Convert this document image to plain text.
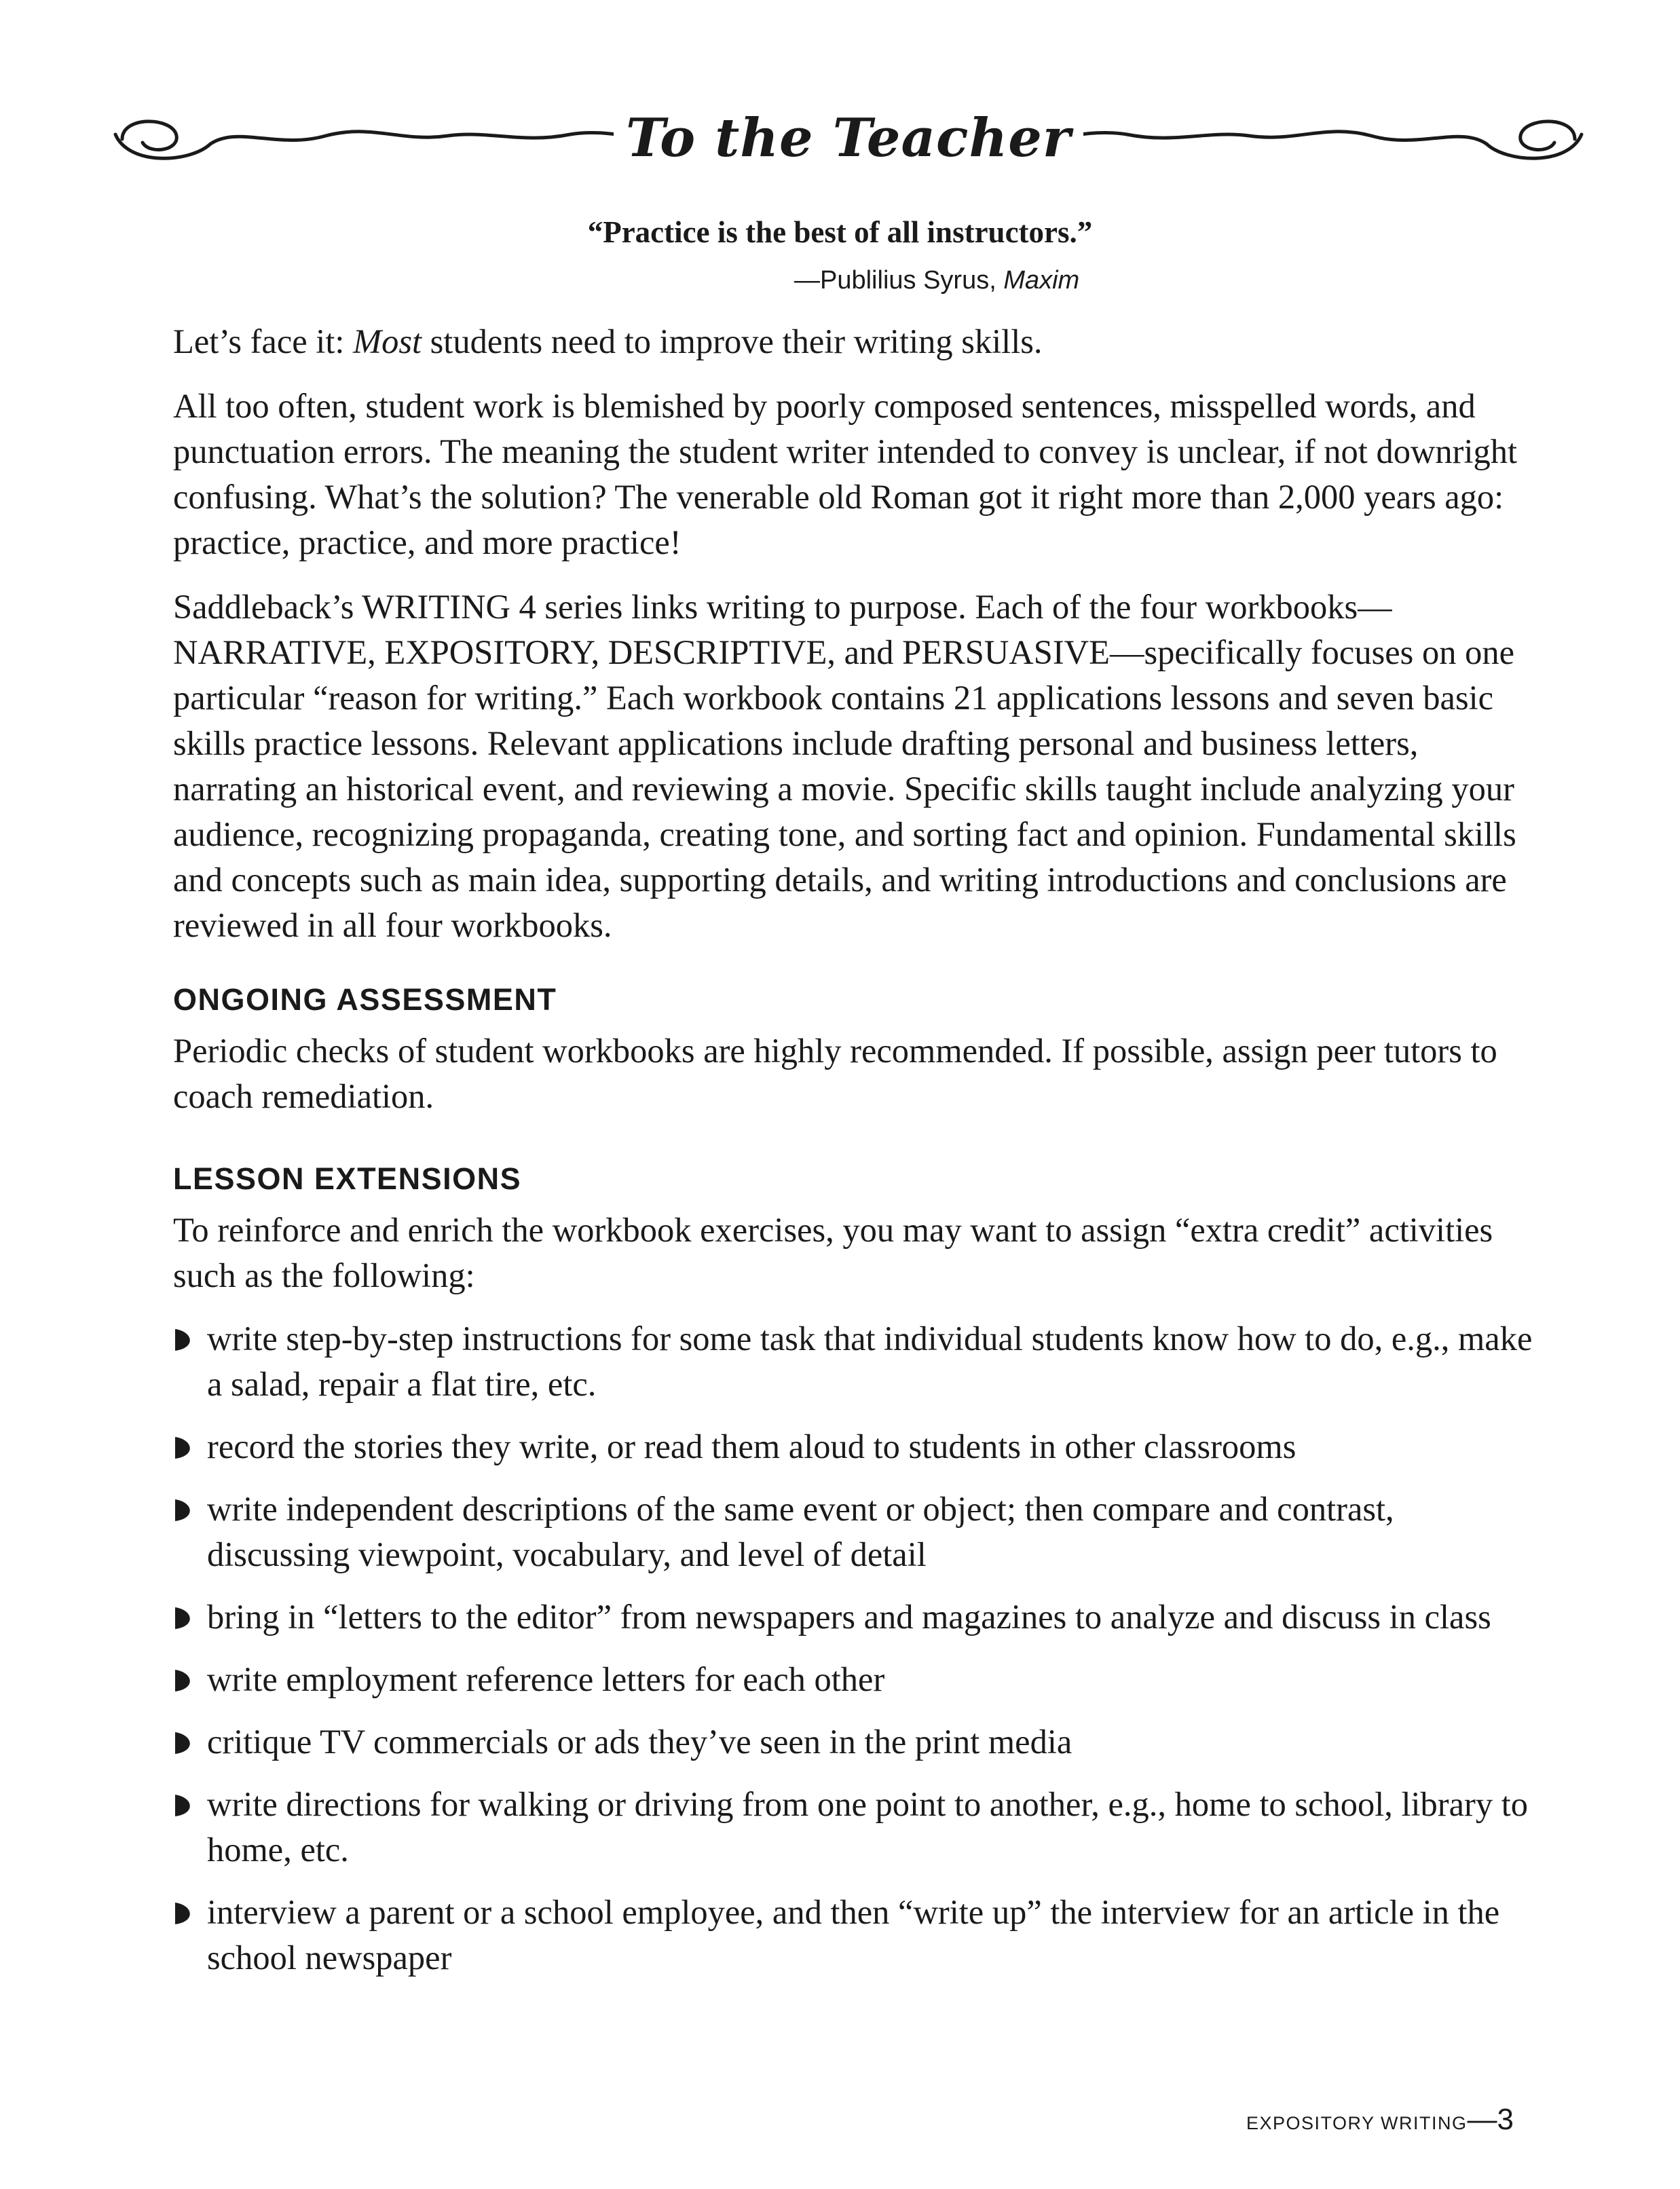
To the Teacher
“Practice is the best of all instructors.”
—Publilius Syrus, Maxim

Let’s face it: Most students need to improve their writing skills.

All too often, student work is blemished by poorly composed sentences, misspelled words, and punctuation errors. The meaning the student writer intended to convey is unclear, if not downright confusing. What’s the solution? The venerable old Roman got it right more than 2,000 years ago: practice, practice, and more practice!

Saddleback’s WRITING 4 series links writing to purpose. Each of the four workbooks—NARRATIVE, EXPOSITORY, DESCRIPTIVE, and PERSUASIVE—specifically focuses on one particular “reason for writing.” Each workbook contains 21 applications lessons and seven basic skills practice lessons. Relevant applications include drafting personal and business letters, narrating an historical event, and reviewing a movie. Specific skills taught include analyzing your audience, recognizing propaganda, creating tone, and sorting fact and opinion. Fundamental skills and concepts such as main idea, supporting details, and writing introductions and conclusions are reviewed in all four workbooks.

ONGOING ASSESSMENT

Periodic checks of student workbooks are highly recommended. If possible, assign peer tutors to coach remediation.

LESSON EXTENSIONS

To reinforce and enrich the workbook exercises, you may want to assign “extra credit” activities such as the following:

write step-by-step instructions for some task that individual students know how to do, e.g., make a salad, repair a flat tire, etc.
record the stories they write, or read them aloud to students in other classrooms
write independent descriptions of the same event or object; then compare and contrast, discussing viewpoint, vocabulary, and level of detail
bring in “letters to the editor” from newspapers and magazines to analyze and discuss in class
write employment reference letters for each other
critique TV commercials or ads they’ve seen in the print media
write directions for walking or driving from one point to another, e.g., home to school, library to home, etc.
interview a parent or a school employee, and then “write up” the interview for an article in the school newspaper
EXPOSITORY WRITING—3
